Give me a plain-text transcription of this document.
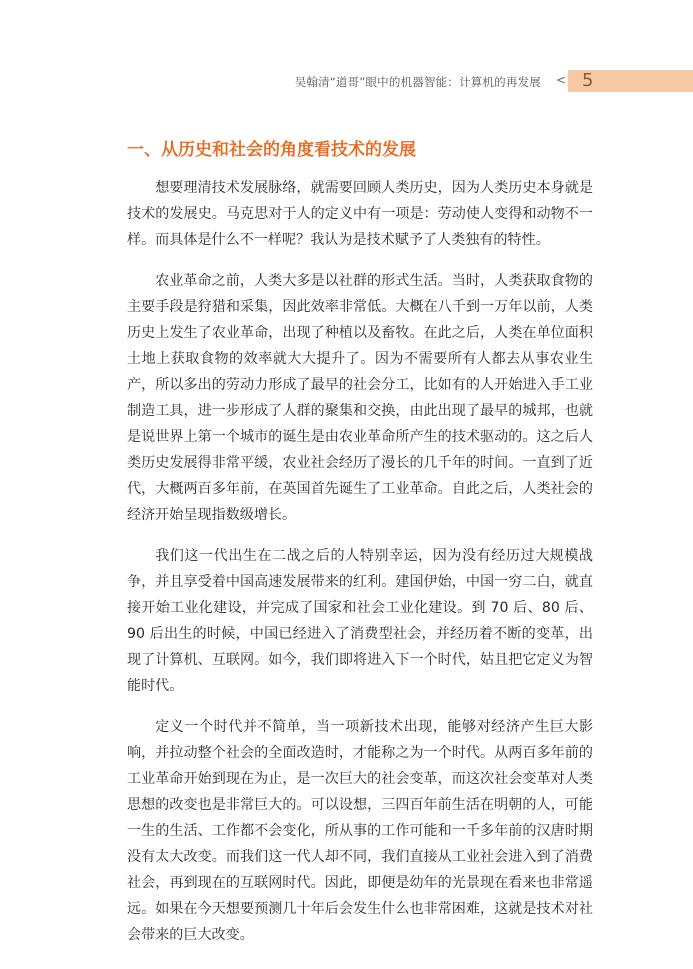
吴翰清“道哥”眼中的机器智能：计算机的再发展 < 5
一、从历史和社会的角度看技术的发展

想要理清技术发展脉络，就需要回顾人类历史，因为人类历史本身就是技术的发展史。马克思对于人的定义中有一项是：劳动使人变得和动物不一样。而具体是什么不一样呢？我认为是技术赋予了人类独有的特性。

农业革命之前，人类大多是以社群的形式生活。当时，人类获取食物的主要手段是狩猎和采集，因此效率非常低。大概在八千到一万年以前，人类历史上发生了农业革命，出现了种植以及畜牧。在此之后，人类在单位面积土地上获取食物的效率就大大提升了。因为不需要所有人都去从事农业生产，所以多出的劳动力形成了最早的社会分工，比如有的人开始进入手工业制造工具，进一步形成了人群的聚集和交换，由此出现了最早的城邦，也就是说世界上第一个城市的诞生是由农业革命所产生的技术驱动的。这之后人类历史发展得非常平缓，农业社会经历了漫长的几千年的时间。一直到了近代，大概两百多年前，在英国首先诞生了工业革命。自此之后，人类社会的经济开始呈现指数级增长。

我们这一代出生在二战之后的人特别幸运，因为没有经历过大规模战争，并且享受着中国高速发展带来的红利。建国伊始，中国一穷二白，就直接开始工业化建设，并完成了国家和社会工业化建设。到 70 后、80 后、90 后出生的时候，中国已经进入了消费型社会，并经历着不断的变革，出现了计算机、互联网。如今，我们即将进入下一个时代，姑且把它定义为智能时代。

定义一个时代并不简单，当一项新技术出现，能够对经济产生巨大影响，并拉动整个社会的全面改造时，才能称之为一个时代。从两百多年前的工业革命开始到现在为止，是一次巨大的社会变革，而这次社会变革对人类思想的改变也是非常巨大的。可以设想，三四百年前生活在明朝的人，可能一生的生活、工作都不会变化，所从事的工作可能和一千多年前的汉唐时期没有太大改变。而我们这一代人却不同，我们直接从工业社会进入到了消费社会，再到现在的互联网时代。因此，即便是幼年的光景现在看来也非常遥远。如果在今天想要预测几十年后会发生什么也非常困难，这就是技术对社会带来的巨大改变。
